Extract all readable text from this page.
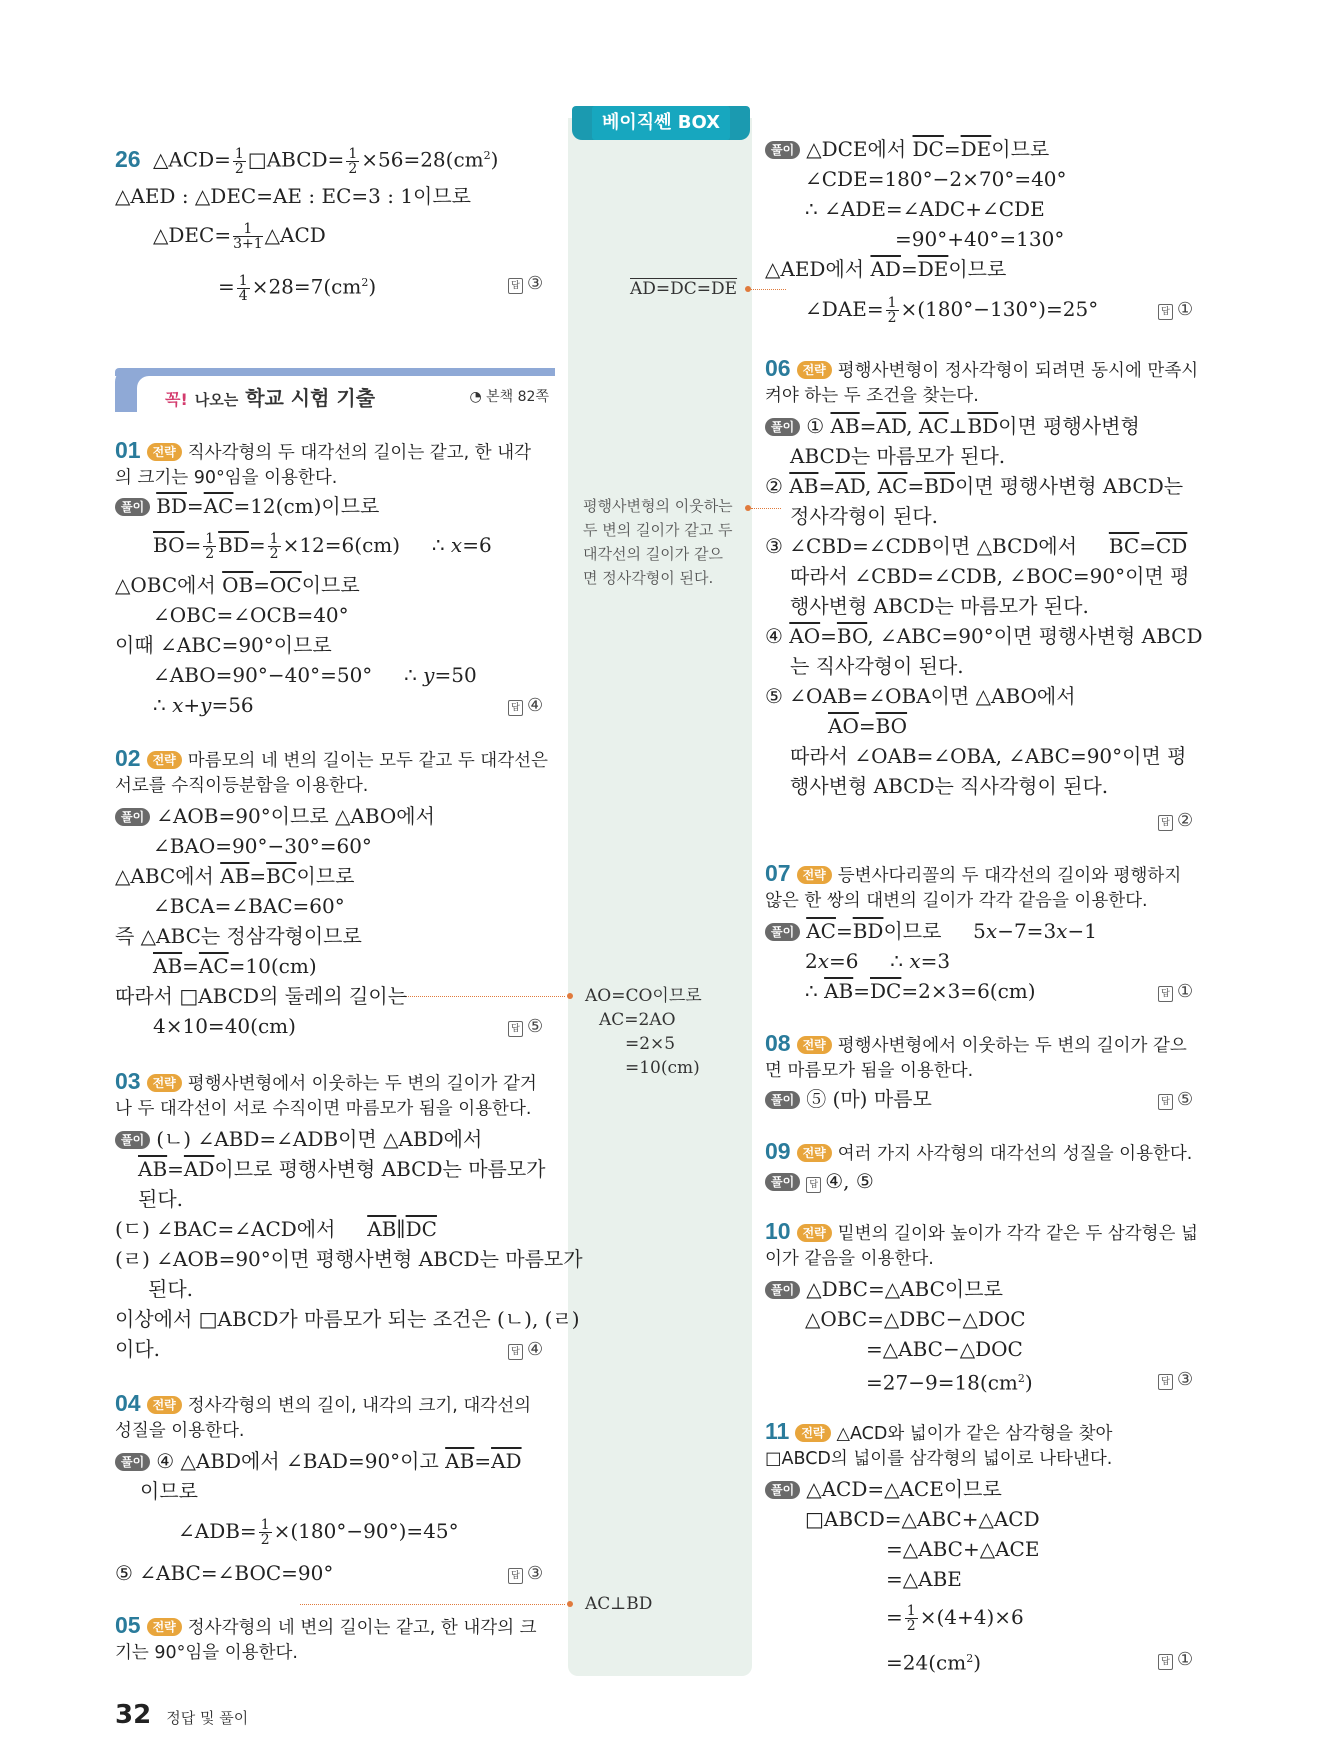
베이직쎈 BOX
AD=DC=DE
평행사변형의 이웃하는
두 변의 길이가 같고 두
대각선의 길이가 같으
면 정사각형이 된다.
AO=CO이므로
AC=2AO
=2×5
=10(cm)
AC⊥BD
꼭! 나오는 학교 시험 기출	◔ 본책 82쪽
26 △ACD= $\frac{1}{2}$ □ABCD= $\frac{1}{2} \times 56=28(cm^2)$
△AED : △DEC=AE : EC=3 : 1이므로
△DEC= $\frac{1}{3+1}$ △ACD
= $\frac{1}{4} \times 28=7(cm^2)$	답 ③
01 전략 직사각형의 두 대각선의 길이는 같고, 한 내각
의 크기는 90°임을 이용한다.
풀이 $\overline{BD}=\overline{AC}=12(cm)$이므로
$\overline{BO}= \frac{1}{2} \overline{BD}= \frac{1}{2} \times 12=6(cm)$     ∴ x=6
△OBC에서 $\overline{OB}=\overline{OC}$이므로
∠OBC=∠OCB=40°
이때 ∠ABC=90°이므로
∠ABO=90°−40°=50°     ∴ y=50
∴ x+y=56	답 ④
02 전략 마름모의 네 변의 길이는 모두 같고 두 대각선은
서로를 수직이등분함을 이용한다.
풀이 ∠AOB=90°이므로 △ABO에서
∠BAO=90°−30°=60°
△ABC에서 $\overline{AB}=\overline{BC}$이므로
∠BCA=∠BAC=60°
즉 △ABC는 정삼각형이므로
$\overline{AB}=\overline{AC}=10(cm)$
따라서 □ABCD의 둘레의 길이는
4×10=40(cm)	답 ⑤
03 전략 평행사변형에서 이웃하는 두 변의 길이가 같거
나 두 대각선이 서로 수직이면 마름모가 됨을 이용한다.
풀이 (ㄴ) ∠ABD=∠ADB이면 △ABD에서
$\overline{AB}=\overline{AD}$이므로 평행사변형 ABCD는 마름모가
된다.
(ㄷ) ∠BAC=∠ACD에서     $\overline{AB}\parallel\overline{DC}$
(ㄹ) ∠AOB=90°이면 평행사변형 ABCD는 마름모가
된다.
이상에서 □ABCD가 마름모가 되는 조건은 (ㄴ), (ㄹ)
이다.	답 ④
04 전략 정사각형의 변의 길이, 내각의 크기, 대각선의
성질을 이용한다.
풀이 ④ △ABD에서 ∠BAD=90°이고 $\overline{AB}=\overline{AD}$
이므로
∠ADB= $\frac{1}{2} \times(180^\circ-90^\circ)=45^\circ$
⑤ ∠ABC=∠BOC=90°	답 ③
05 전략 정사각형의 네 변의 길이는 같고, 한 내각의 크
기는 90°임을 이용한다.
풀이 △DCE에서 $\overline{DC}=\overline{DE}$이므로
∠CDE=180°−2×70°=40°
∴ ∠ADE=∠ADC+∠CDE
=90°+40°=130°
△AED에서 $\overline{AD}=\overline{DE}$이므로
∠DAE= $\frac{1}{2} \times(180^\circ-130^\circ)=25^\circ$	답 ①
06 전략 평행사변형이 정사각형이 되려면 동시에 만족시
켜야 하는 두 조건을 찾는다.
풀이 ① $\overline{AB}=\overline{AD}$, $\overline{AC}\perp\overline{BD}$이면 평행사변형
ABCD는 마름모가 된다.
② $\overline{AB}=\overline{AD}$, $\overline{AC}=\overline{BD}$이면 평행사변형 ABCD는
정사각형이 된다.
③ ∠CBD=∠CDB이면 △BCD에서     $\overline{BC}=\overline{CD}$
따라서 ∠CBD=∠CDB, ∠BOC=90°이면 평
행사변형 ABCD는 마름모가 된다.
④ $\overline{AO}=\overline{BO}$, ∠ABC=90°이면 평행사변형 ABCD
는 직사각형이 된다.
⑤ ∠OAB=∠OBA이면 △ABO에서
$\overline{AO}=\overline{BO}$
따라서 ∠OAB=∠OBA, ∠ABC=90°이면 평
행사변형 ABCD는 직사각형이 된다.
답 ②
07 전략 등변사다리꼴의 두 대각선의 길이와 평행하지
않은 한 쌍의 대변의 길이가 각각 같음을 이용한다.
풀이 $\overline{AC}=\overline{BD}$이므로     5x−7=3x−1
2x=6     ∴ x=3
∴ $\overline{AB}=\overline{DC}=2\times 3=6(cm)$	답 ①
08 전략 평행사변형에서 이웃하는 두 변의 길이가 같으
면 마름모가 됨을 이용한다.
풀이 ⑤ (마) 마름모	답 ⑤
09 전략 여러 가지 사각형의 대각선의 성질을 이용한다.
풀이 답 ④, ⑤
10 전략 밑변의 길이와 높이가 각각 같은 두 삼각형은 넓
이가 같음을 이용한다.
풀이 △DBC=△ABC이므로
△OBC=△DBC−△DOC
=△ABC−△DOC
$=27-9=18(cm^2)$	답 ③
11 전략 △ACD와 넓이가 같은 삼각형을 찾아
□ABCD의 넓이를 삼각형의 넓이로 나타낸다.
풀이 △ACD=△ACE이므로
□ABCD=△ABC+△ACD
=△ABC+△ACE
=△ABE
= $\frac{1}{2} \times(4+4)\times 6$
$=24(cm^2)$	답 ①
32 정답 및 풀이
